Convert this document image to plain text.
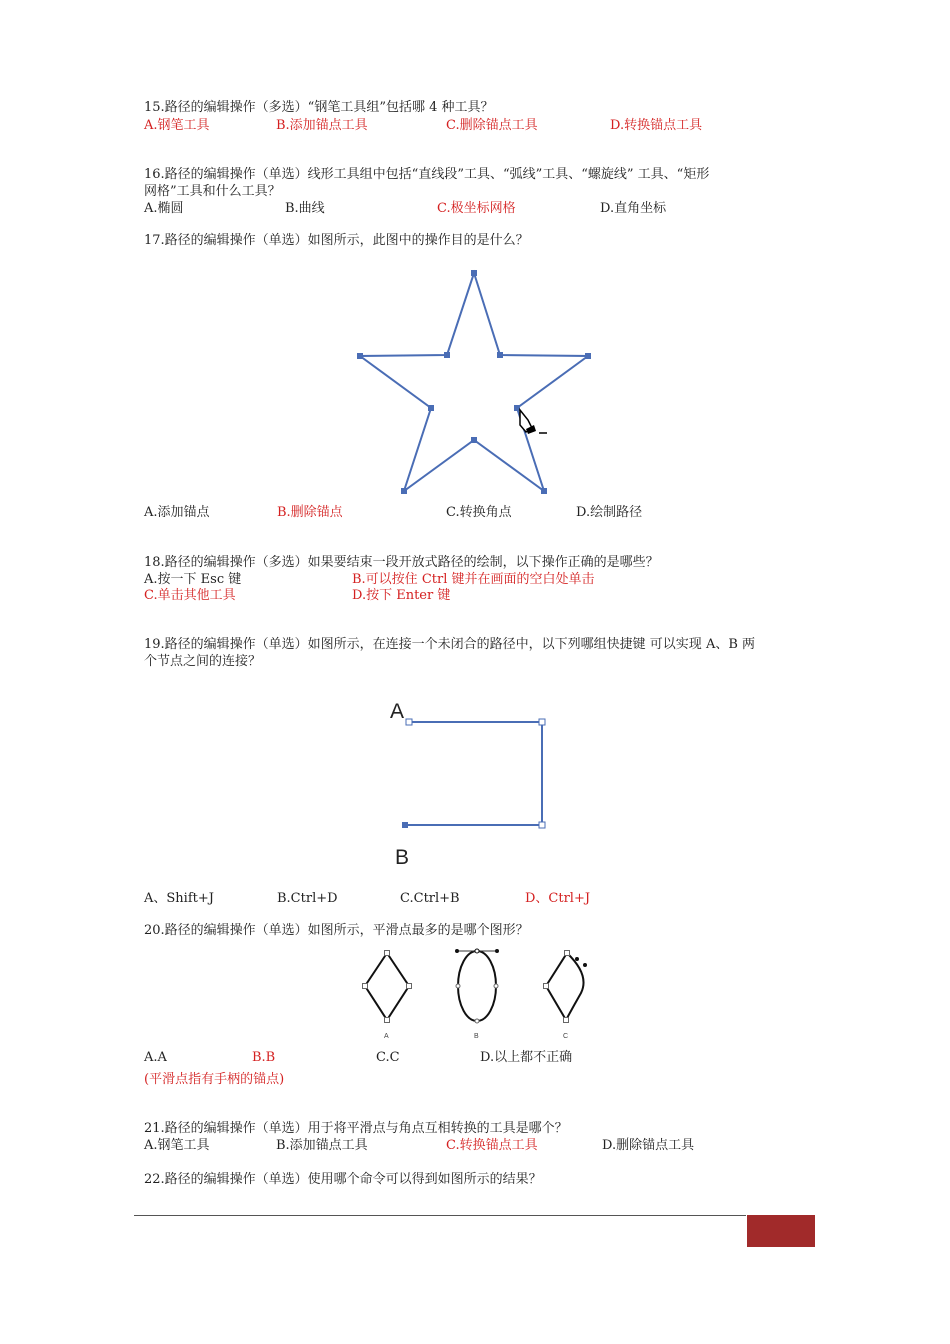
15.路径的编辑操作（多选）“钢笔工具组”包括哪 4 种工具？
A.钢笔工具	B.添加锚点工具	C.删除锚点工具	D.转换锚点工具
16.路径的编辑操作（单选）线形工具组中包括“直线段”工具、“弧线”工具、“螺旋线” 工具、“矩形
网格”工具和什么工具？
A.椭圆	B.曲线	C.极坐标网格	D.直角坐标
17.路径的编辑操作（单选）如图所示，此图中的操作目的是什么？
A.添加锚点	B.删除锚点	C.转换角点	D.绘制路径
18.路径的编辑操作（多选）如果要结束一段开放式路径的绘制，以下操作正确的是哪些？
A.按一下 Esc 键	B.可以按住 Ctrl 键并在画面的空白处单击
C.单击其他工具	D.按下 Enter 键
19.路径的编辑操作（单选）如图所示，在连接一个未闭合的路径中，以下列哪组快捷键 可以实现 A、B 两
个节点之间的连接？
A
B
A、Shift+J	B.Ctrl+D	C.Ctrl+B	D、Ctrl+J
20.路径的编辑操作（单选）如图所示，平滑点最多的是哪个图形？
A	B	C
A.A	B.B	C.C	D.以上都不正确
(平滑点指有手柄的锚点)
21.路径的编辑操作（单选）用于将平滑点与角点互相转换的工具是哪个？
A.钢笔工具	B.添加锚点工具	C.转换锚点工具	D.删除锚点工具
22.路径的编辑操作（单选）使用哪个命令可以得到如图所示的结果？
